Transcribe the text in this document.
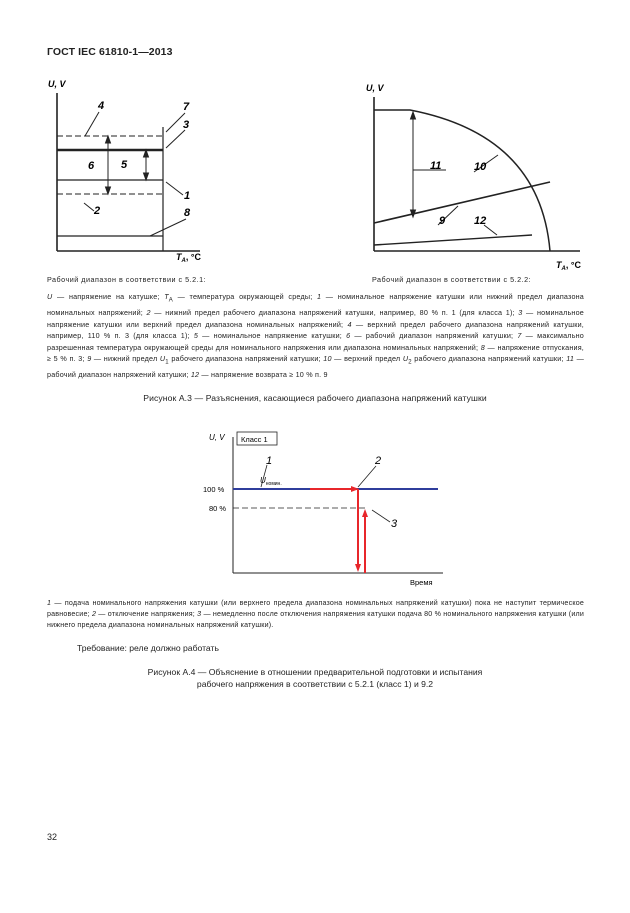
ГОСТ IEC 61810-1—2013
U, V
4	7
3
6 5
1
2	8
$T_A$, °C
U, V
11	10
9	12
$T_A$, °C
Рабочий диапазон в соответствии с 5.2.1:	Рабочий диапазон в соответствии с 5.2.2:
U — напряжение на катушке; $T_A$ — температура окружающей среды; 1 — номинальное напряжение катушки или нижний предел диапазона номинальных напряжений; 2 — нижний предел рабочего диапазона напряжений катушки, например, 80 % п. 1 (для класса 1); 3 — номинальное напряжение катушки или верхний предел диапазона номинальных напряжений; 4 — верхний предел рабочего диапазона напряжений катушки, например, 110 % п. 3 (для класса 1); 5 — номинальное напряжение катушки; 6 — рабочий диапазон напряжений катушки; 7 — максимально разрешенная температура окружающей среды для номинального напряжения или диапазона номинальных напряжений; 8 — напряжение отпускания, ≥ 5 % п. 3; 9 — нижний предел $U_1$ рабочего диапазона напряжений катушки; 10 — верхний предел $U_2$ рабочего диапазона напряжений катушки; 11 — рабочий диапазон напряжений катушки; 12 — напряжение возврата ≥ 10 % п. 9
Рисунок А.3 — Разъяснения, касающиеся рабочего диапазона напряжений катушки
U, V Класс 1
100 %
80 %
Время
1	2
3
$U_{номин.}$
1 — подача номинального напряжения катушки (или верхнего предела диапазона номинальных напряжений катушки) пока не наступит термическое равновесие; 2 — отключение напряжения; 3 — немедленно после отключения напряжения катушки подача 80 % номинального напряжения катушки (или нижнего предела диапазона номинальных напряжений катушки).
Требование: реле должно работать
Рисунок А.4 — Объяснение в отношении предварительной подготовки и испытания
рабочего напряжения в соответствии с 5.2.1 (класс 1) и 9.2
32
